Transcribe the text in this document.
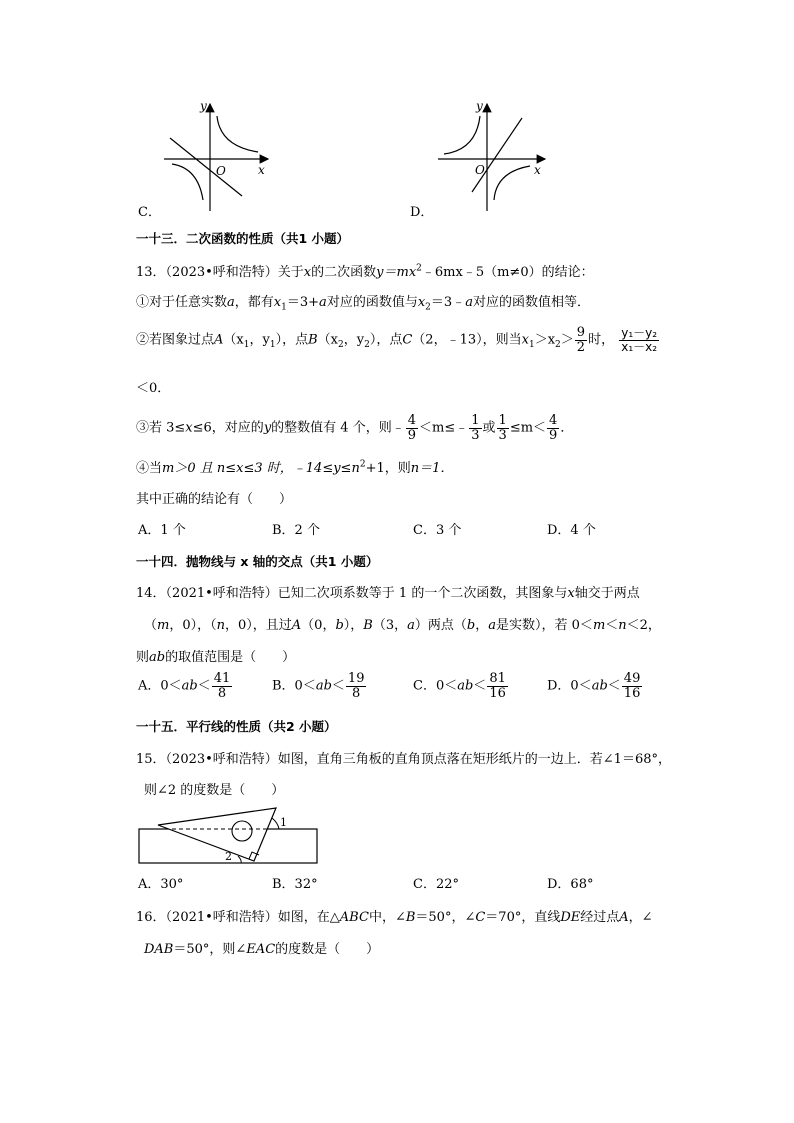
y
O	x
C．
y
O	x
D．
一十三．二次函数的性质（共1 小题）
13．（2023•呼和浩特）关于x的二次函数$y=mx^2﹣6mx﹣5(m\ne 0)$的结论：
①对于任意实数a，都有$x_1=3+a$对应的函数值与$x_2=3﹣a$对应的函数值相等．
②若图象过点$A(x_1$，$y_1$），点$B(x_2$，$y_2$），点C（2，﹣13），则当$x_1>x_2> \frac{9}{2}$ 时， $\frac{\text{y₁－y₂}}{\text{x₁－x₂}}$
＜0．
③若 3≤x≤6，对应的y的整数值有 4 个，则﹣ $\frac{4}{9}$ ＜m≤﹣ $\frac{1}{3}$ 或 $\frac{1}{3} \le m< \frac{4}{9}$ ．
④当m＞0 且 n≤x≤3 时，$﹣14\le y\le n^2+1$，则n＝1．
其中正确的结论有（　　）
A．1 个	B．2 个	C．3 个	D．4 个
一十四．抛物线与 x 轴的交点（共1 小题）
14．（2021•呼和浩特）已知二次项系数等于 1 的一个二次函数，其图象与x轴交于两点
（m，0），（n，0），且过A（0，b），B（3，a）两点（b，a是实数），若 0＜m＜n＜2，
则ab的取值范围是（　　）
A．$0<ab< \frac{41}{8}$	B．$0<ab< \frac{19}{8}$	C．$0<ab< \frac{81}{16}$	D．$0<ab< \frac{49}{16}$
一十五．平行线的性质（共2 小题）
15．（2023•呼和浩特）如图，直角三角板的直角顶点落在矩形纸片的一边上．若∠1＝68°，
则∠2 的度数是（　　）
1
2
A．30°	B．32°	C．22°	D．68°
16．（2021•呼和浩特）如图，在△ABC中，∠B＝50°，∠C＝70°，直线DE经过点A，∠
DAB＝50°，则∠EAC的度数是（　　）
